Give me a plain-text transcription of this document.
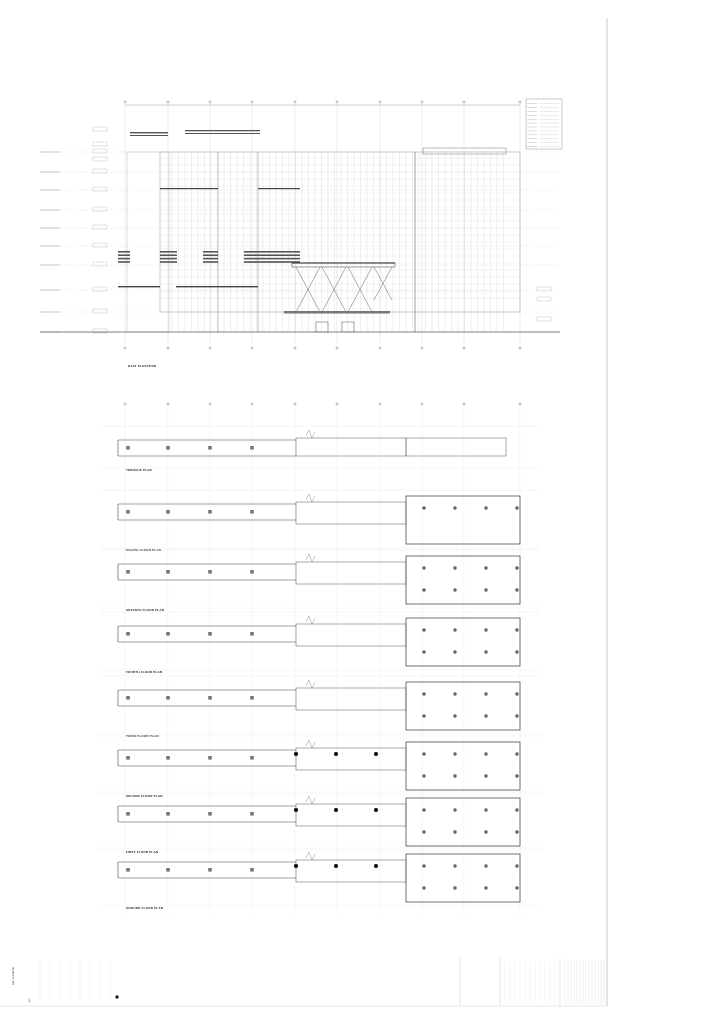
EAST ELEVATION
TERRACE PLAN
EIGHTH FLOOR PLAN
SEVENTH FLOOR PLAN
FOURTH FLOOR PLAN
THIRD FLOOR PLAN
SECOND FLOOR PLAN
FIRST FLOOR PLAN
GROUND FLOOR PLAN
EAST ELEVATION
A-5
